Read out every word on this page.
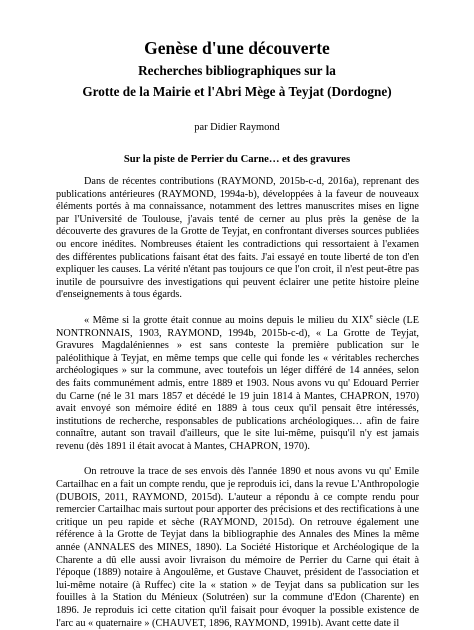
Genèse d'une découverte
Recherches bibliographiques sur la
Grotte de la Mairie et l'Abri Mège à Teyjat (Dordogne)
par Didier Raymond
Sur la piste de Perrier du Carne… et des gravures

Dans de récentes contributions (RAYMOND, 2015b-c-d, 2016a), reprenant des publications antérieures (RAYMOND, 1994a-b), développées à la faveur de nouveaux éléments portés à ma connaissance, notamment des lettres manuscrites mises en ligne par l'Université de Toulouse, j'avais tenté de cerner au plus près la genèse de la découverte des gravures de la Grotte de Teyjat, en confrontant diverses sources publiées ou encore inédites. Nombreuses étaient les contradictions qui ressortaient à l'examen des différentes publications faisant état des faits. J'ai essayé en toute liberté de ton d'en expliquer les causes. La vérité n'étant pas toujours ce que l'on croit, il n'est peut-être pas inutile de poursuivre des investigations qui peuvent éclairer une petite histoire pleine d'enseignements à tous égards.

« Même si la grotte était connue au moins depuis le milieu du XIXe siècle (LE NONTRONNAIS, 1903, RAYMOND, 1994b, 2015b-c-d), « La Grotte de Teyjat, Gravures Magdaléniennes » est sans conteste la première publication sur le paléolithique à Teyjat, en même temps que celle qui fonde les « véritables recherches archéologiques » sur la commune, avec toutefois un léger différé de 14 années, selon des faits communément admis, entre 1889 et 1903. Nous avons vu qu' Edouard Perrier du Carne (né le 31 mars 1857 et décédé le 19 juin 1814 à Mantes, CHAPRON, 1970) avait envoyé son mémoire édité en 1889 à tous ceux qu'il pensait être intéressés, institutions de recherche, responsables de publications archéologiques… afin de faire connaître, autant son travail d'ailleurs, que le site lui-même, puisqu'il n'y est jamais revenu (dès 1891 il était avocat à Mantes, CHAPRON, 1970).

On retrouve la trace de ses envois dès l'année 1890 et nous avons vu qu' Emile Cartailhac en a fait un compte rendu, que je reproduis ici, dans la revue L'Anthropologie (DUBOIS, 2011, RAYMOND, 2015d). L'auteur a répondu à ce compte rendu pour remercier Cartailhac mais surtout pour apporter des précisions et des rectifications à une critique un peu rapide et sèche (RAYMOND, 2015d). On retrouve également une référence à la Grotte de Teyjat dans la bibliographie des Annales des Mines la même année (ANNALES des MINES, 1890). La Société Historique et Archéologique de la Charente a dû elle aussi avoir livraison du mémoire de Perrier du Carne qui était à l'époque (1889) notaire à Angoulême, et Gustave Chauvet, président de l'association et lui-même notaire (à Ruffec) cite la « station » de Teyjat dans sa publication sur les fouilles à la Station du Ménieux (Solutréen) sur la commune d'Edon (Charente) en 1896. Je reproduis ici cette citation qu'il faisait pour évoquer la possible existence de l'arc au « quaternaire » (CHAUVET, 1896, RAYMOND, 1991b). Avant cette date il
